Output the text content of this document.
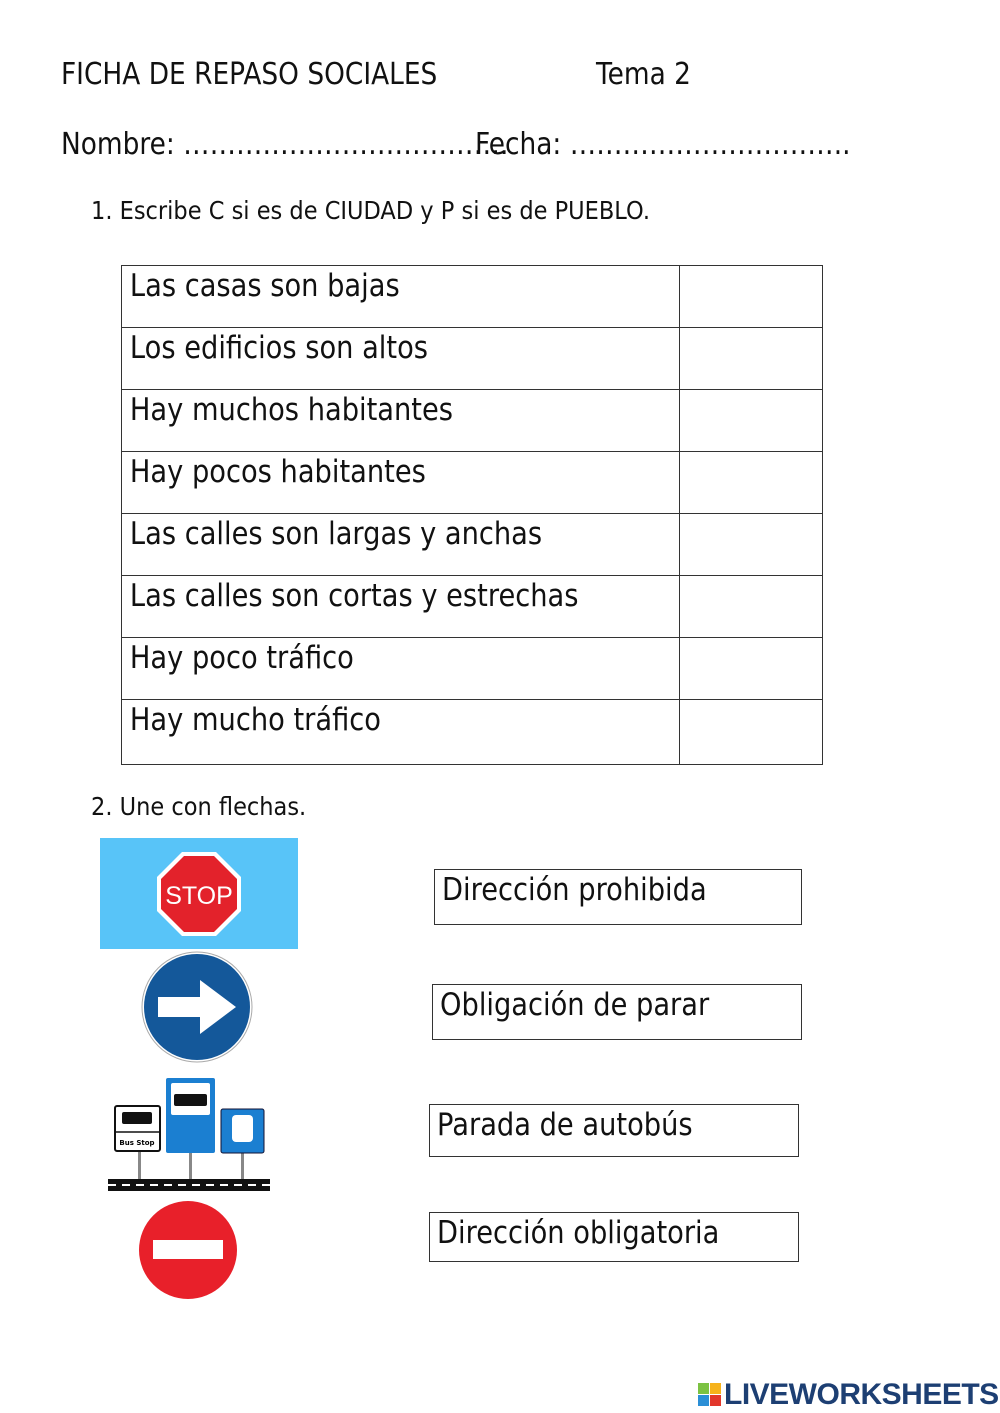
FICHA DE REPASO SOCIALES	Tema 2
Nombre: ……………………………….
Fecha: …………………………..
1. Escribe C si es de CIUDAD y P si es de PUEBLO.
Las casas son bajas	
Los edificios son altos	
Hay muchos habitantes	
Hay pocos habitantes	
Las calles son largas y anchas	
Las calles son cortas y estrechas	
Hay poco tráfico	
Hay mucho tráfico	
2. Une con flechas.
STOP
Bus Stop
Dirección prohibida
Obligación de parar
Parada de autobús
Dirección obligatoria
LIVEWORKSHEETS
